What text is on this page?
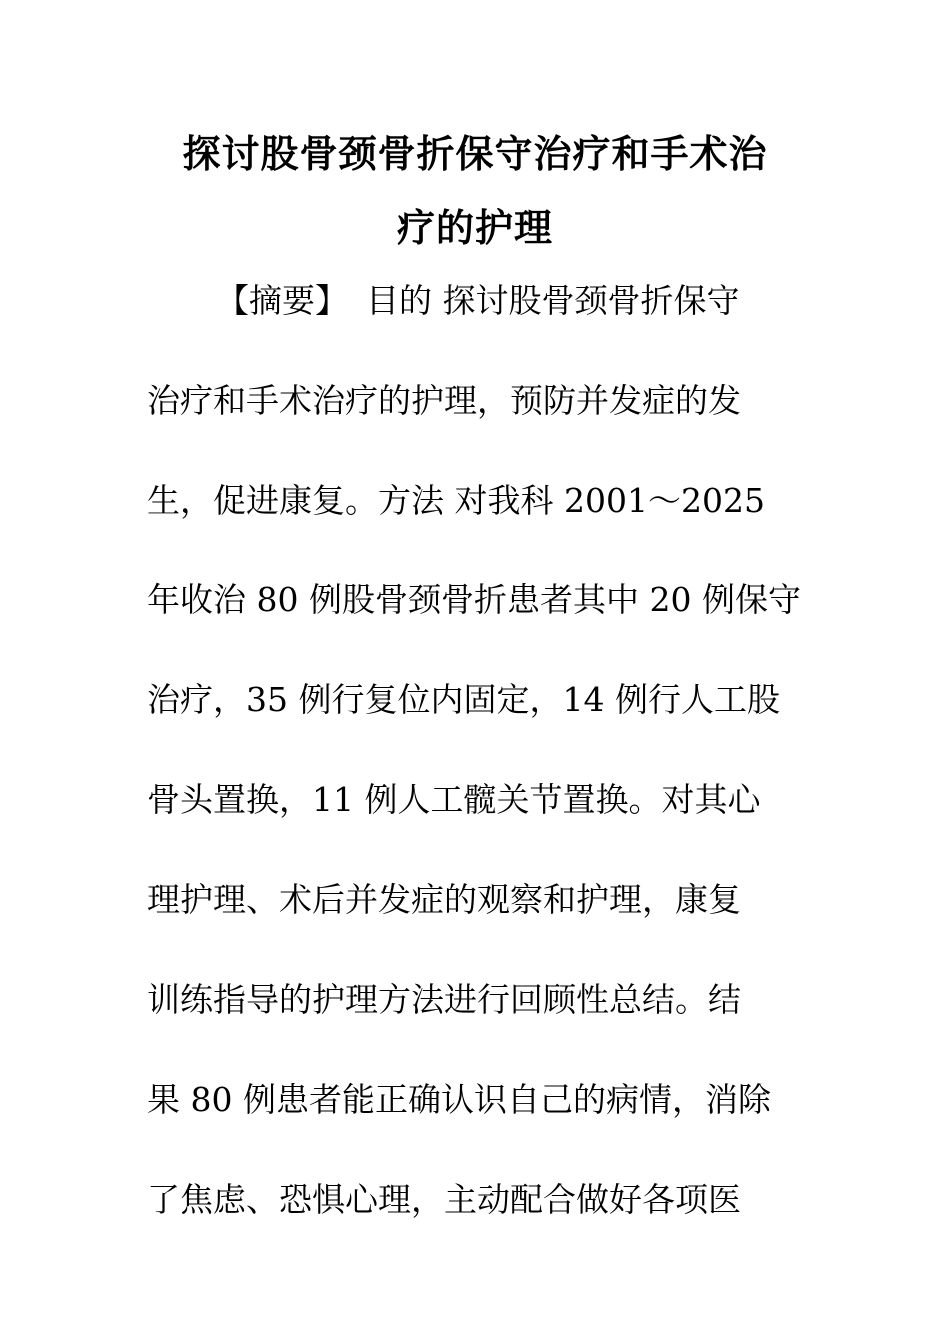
探讨股骨颈骨折保守治疗和手术治
疗的护理
【摘要】 目的 探讨股骨颈骨折保守
治疗和手术治疗的护理，预防并发症的发
生，促进康复。方法 对我科 2001～2025
年收治 80 例股骨颈骨折患者其中 20 例保守
治疗，35 例行复位内固定，14 例行人工股
骨头置换，11 例人工髋关节置换。对其心
理护理、术后并发症的观察和护理，康复
训练指导的护理方法进行回顾性总结。结
果 80 例患者能正确认识自己的病情，消除
了焦虑、恐惧心理，主动配合做好各项医
